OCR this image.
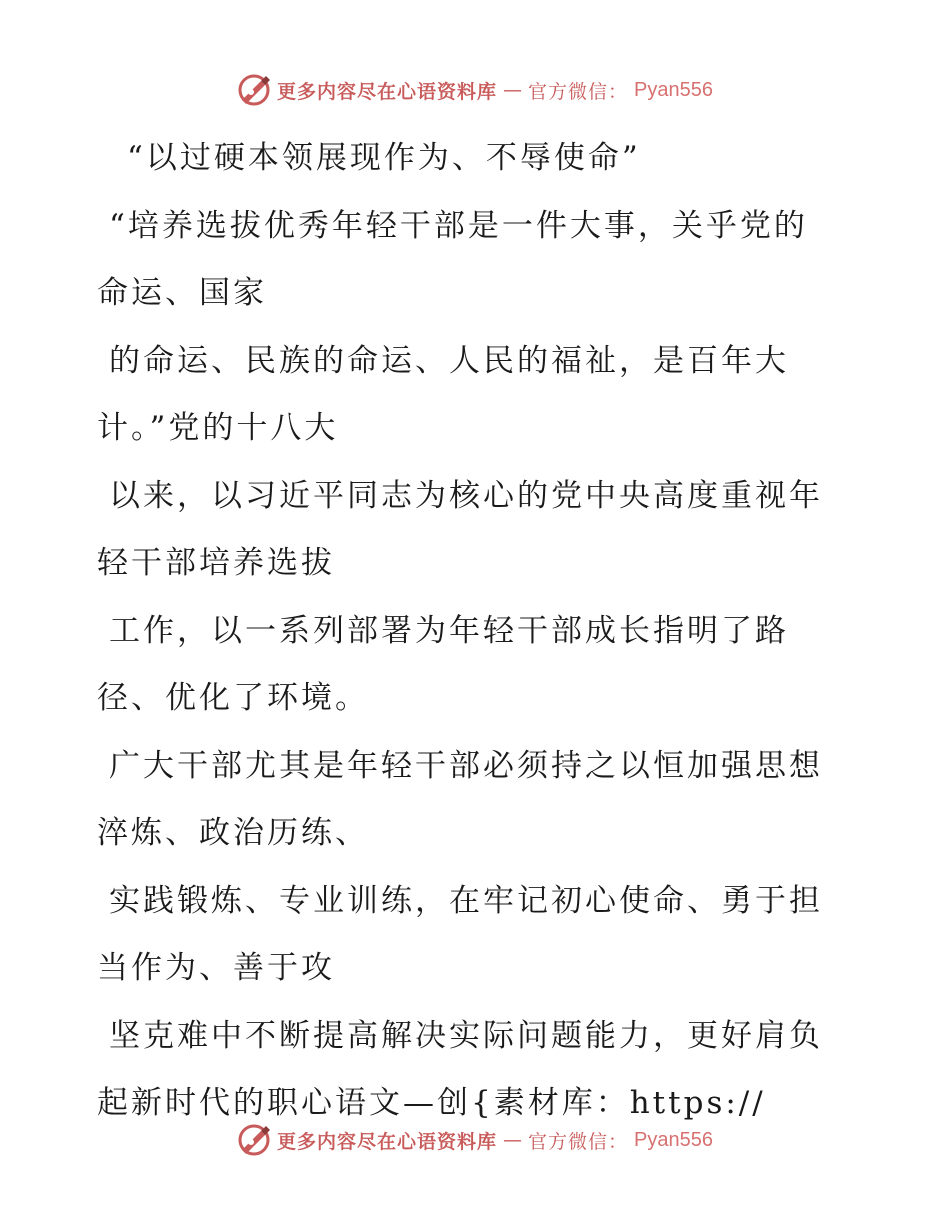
更多内容尽在心语资料库 — 官方微信： Pyan556
“以过硬本领展现作为、不辱使命”
“培养选拔优秀年轻干部是一件大事，关乎党的
命运、国家
的命运、民族的命运、人民的福祉，是百年大
计。”党的十八大
以来，以习近平同志为核心的党中央高度重视年
轻干部培养选拔
工作，以一系列部署为年轻干部成长指明了路
径、优化了环境。
广大干部尤其是年轻干部必须持之以恒加强思想
淬炼、政治历练、
实践锻炼、专业训练，在牢记初心使命、勇于担
当作为、善于攻
坚克难中不断提高解决实际问题能力，更好肩负
起新时代的职心语文—创{素材库：https://
更多内容尽在心语资料库 — 官方微信： Pyan556
